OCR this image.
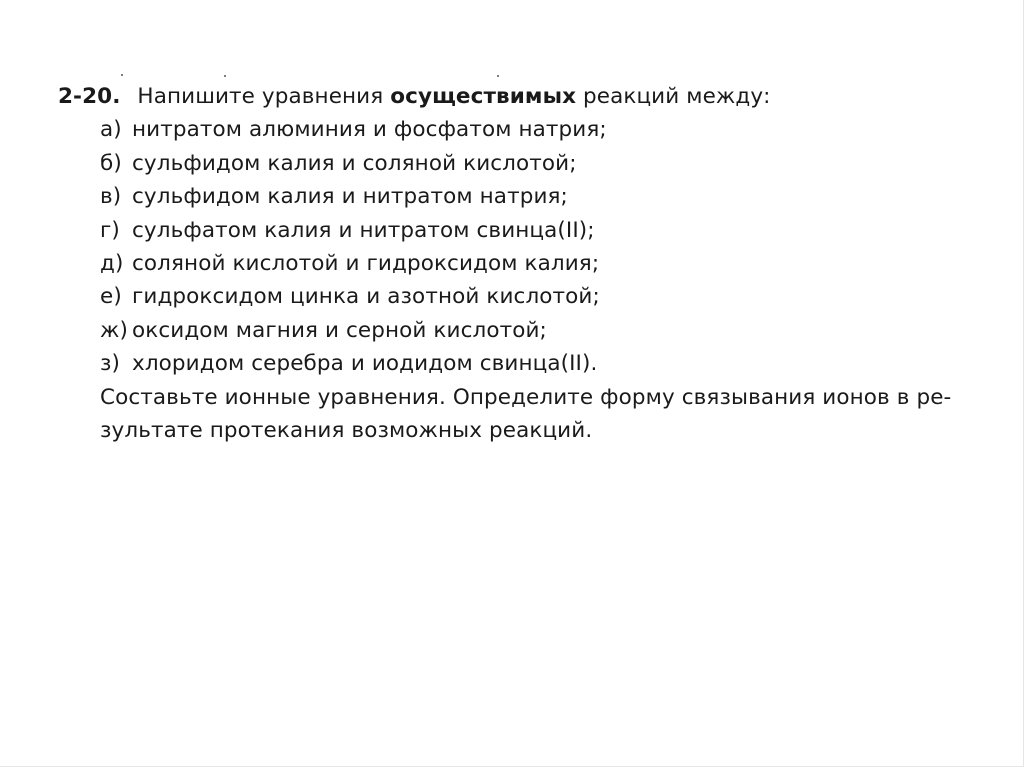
2-20. Напишите уравнения осуществимых реакций между:
а) нитратом алюминия и фосфатом натрия;
б) сульфидом калия и соляной кислотой;
в) сульфидом калия и нитратом натрия;
г) сульфатом калия и нитратом свинца(II);
д) соляной кислотой и гидроксидом калия;
е) гидроксидом цинка и азотной кислотой;
ж) оксидом магния и серной кислотой;
з) хлоридом серебра и иодидом свинца(II).
Составьте ионные уравнения. Определите форму связывания ионов в ре-
зультате протекания возможных реакций.
